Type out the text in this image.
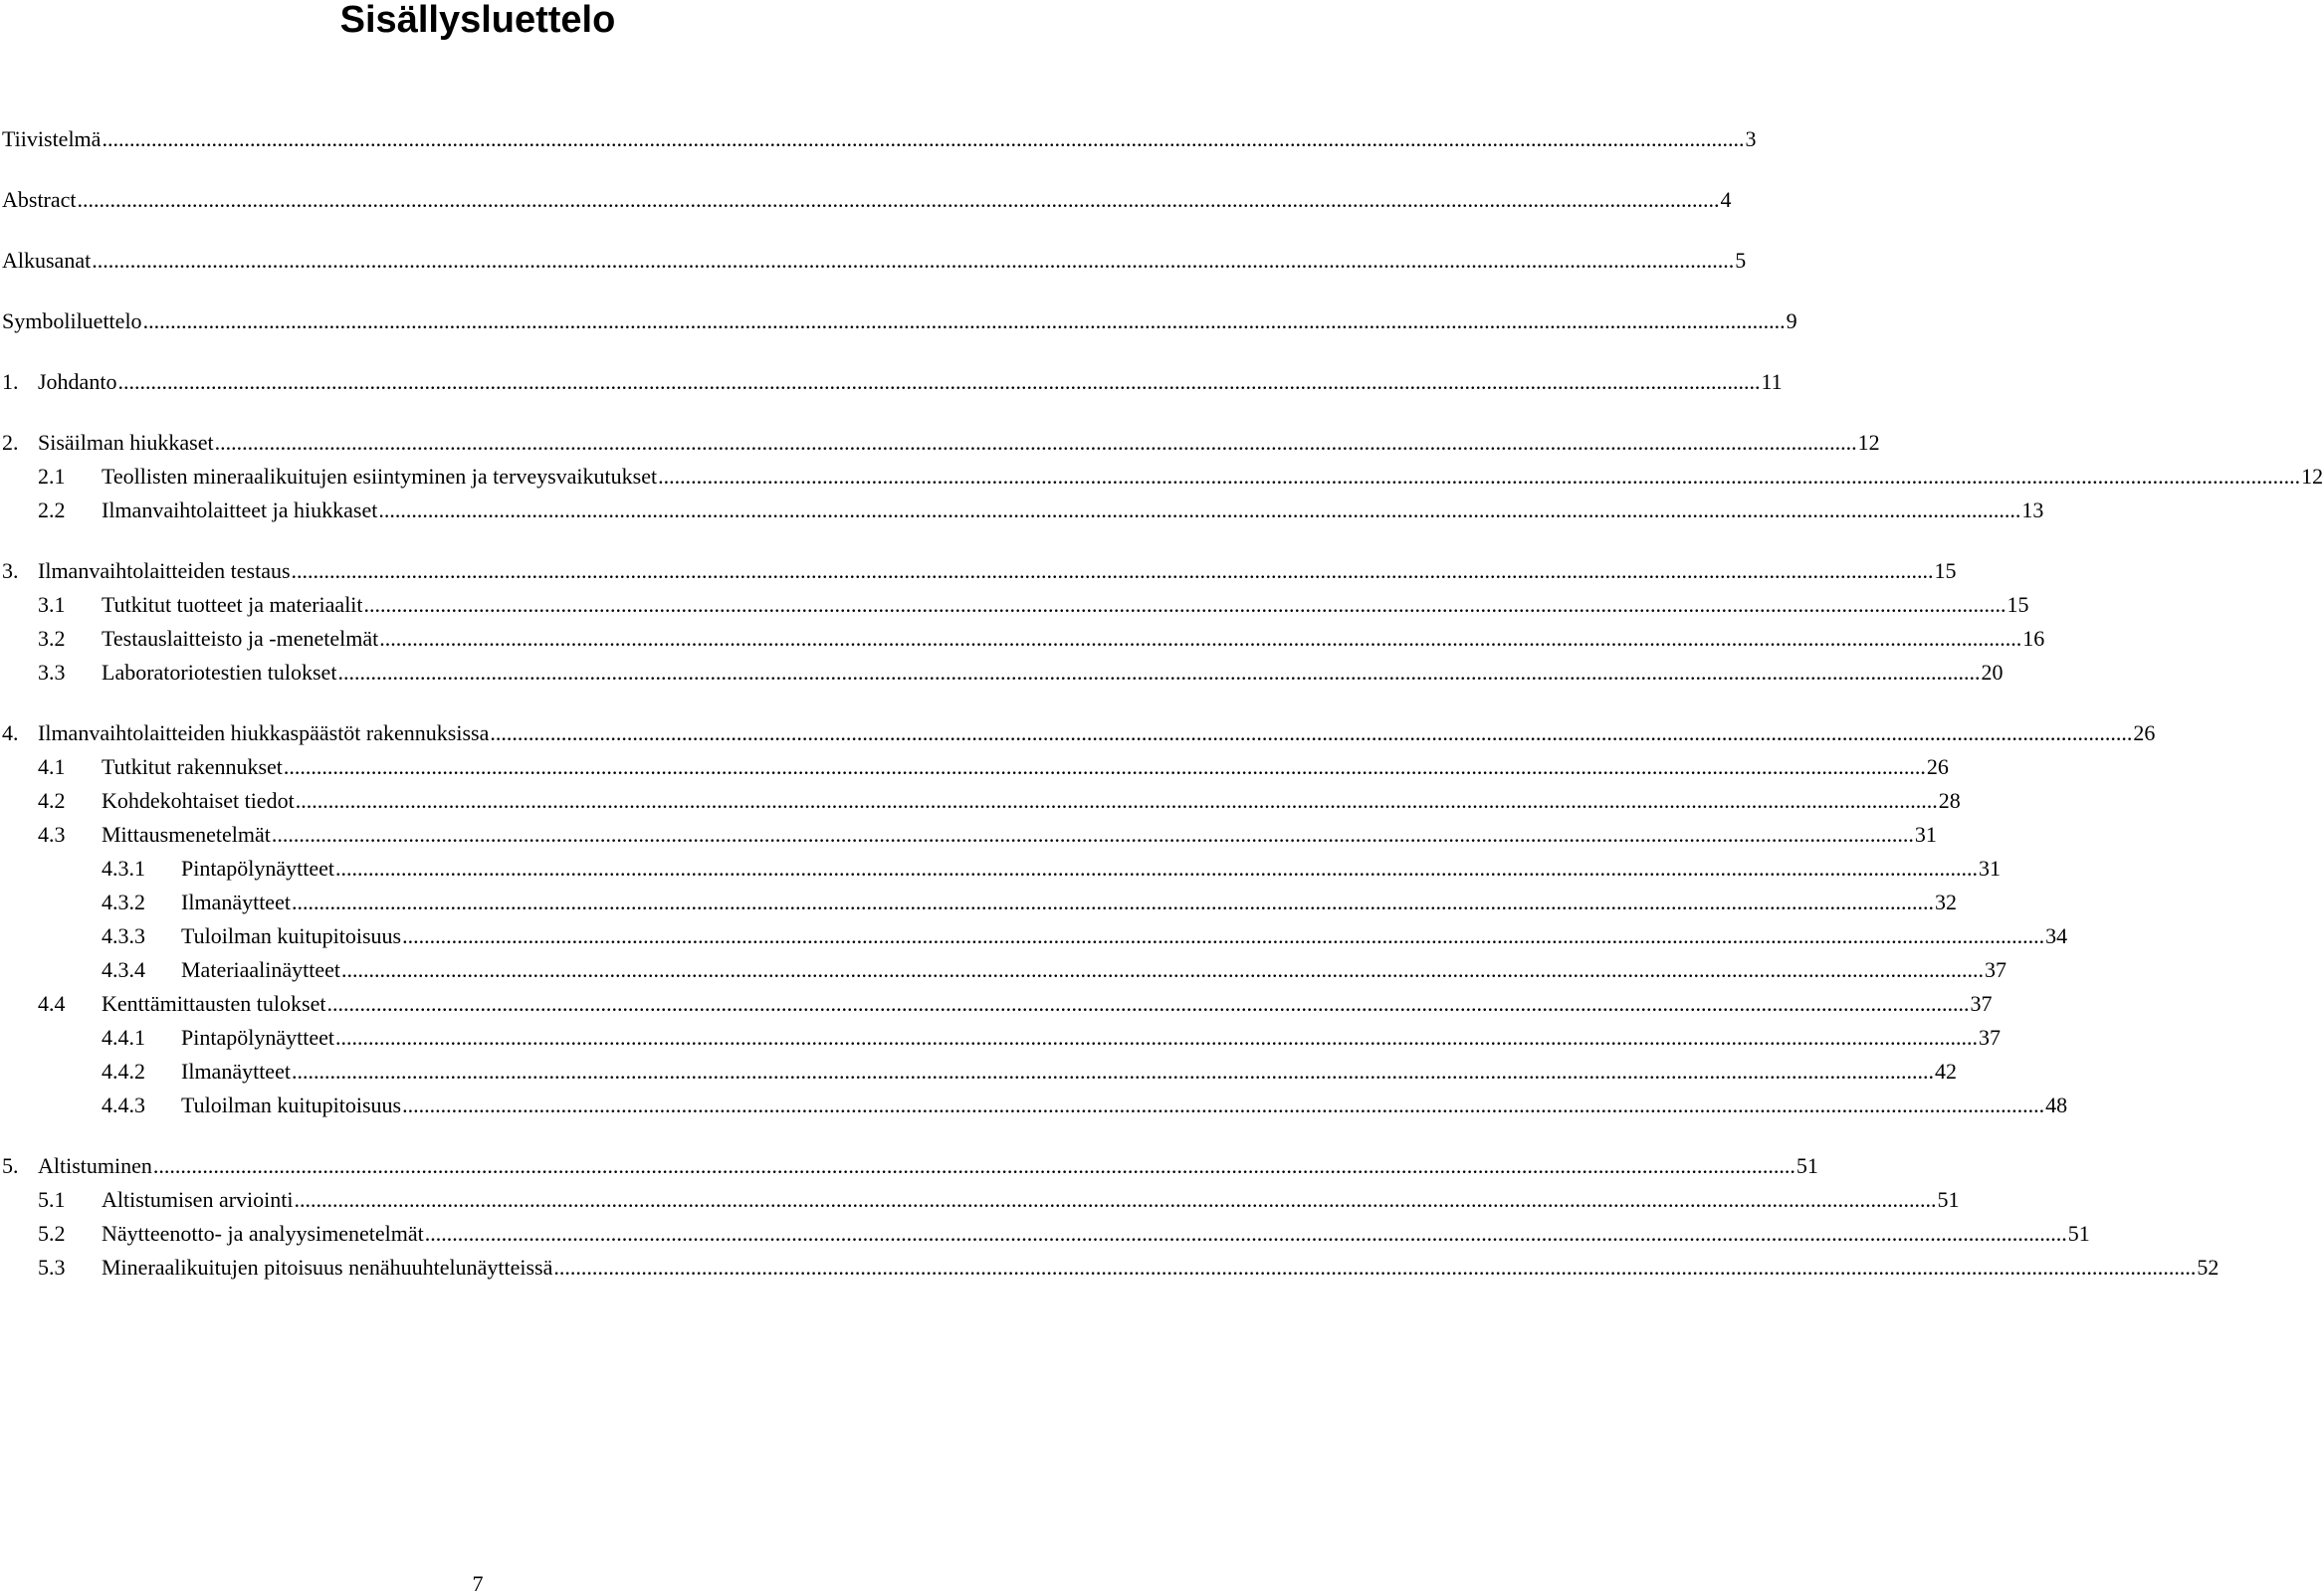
Sisällysluettelo
Tiivistelmä ............................................................................................................................................................................................................................................................................................................ 3
Abstract ............................................................................................................................................................................................................................................................................................................ 4
Alkusanat ............................................................................................................................................................................................................................................................................................................ 5
Symboliluettelo ............................................................................................................................................................................................................................................................................................................ 9
1. Johdanto ............................................................................................................................................................................................................................................................................................................ 11
2. Sisäilman hiukkaset ............................................................................................................................................................................................................................................................................................................ 12
2.1	Teollisten mineraalikuitujen esiintyminen ja terveysvaikutukset ............................................................................................................................................................................................................................................................................................................ 12
2.2	Ilmanvaihtolaitteet ja hiukkaset ............................................................................................................................................................................................................................................................................................................ 13
3. Ilmanvaihtolaitteiden testaus ............................................................................................................................................................................................................................................................................................................ 15
3.1	Tutkitut tuotteet ja materiaalit ............................................................................................................................................................................................................................................................................................................ 15
3.2	Testauslaitteisto ja -menetelmät ............................................................................................................................................................................................................................................................................................................ 16
3.3	Laboratoriotestien tulokset ............................................................................................................................................................................................................................................................................................................ 20
4. Ilmanvaihtolaitteiden hiukkaspäästöt rakennuksissa ............................................................................................................................................................................................................................................................................................................ 26
4.1	Tutkitut rakennukset ............................................................................................................................................................................................................................................................................................................ 26
4.2	Kohdekohtaiset tiedot ............................................................................................................................................................................................................................................................................................................ 28
4.3	Mittausmenetelmät ............................................................................................................................................................................................................................................................................................................ 31
4.3.1	Pintapölynäytteet ............................................................................................................................................................................................................................................................................................................ 31
4.3.2	Ilmanäytteet ............................................................................................................................................................................................................................................................................................................ 32
4.3.3	Tuloilman kuitupitoisuus ............................................................................................................................................................................................................................................................................................................ 34
4.3.4	Materiaalinäytteet ............................................................................................................................................................................................................................................................................................................ 37
4.4	Kenttämittausten tulokset ............................................................................................................................................................................................................................................................................................................ 37
4.4.1	Pintapölynäytteet ............................................................................................................................................................................................................................................................................................................ 37
4.4.2	Ilmanäytteet ............................................................................................................................................................................................................................................................................................................ 42
4.4.3	Tuloilman kuitupitoisuus ............................................................................................................................................................................................................................................................................................................ 48
5. Altistuminen ............................................................................................................................................................................................................................................................................................................ 51
5.1	Altistumisen arviointi ............................................................................................................................................................................................................................................................................................................ 51
5.2	Näytteenotto- ja analyysimenetelmät ............................................................................................................................................................................................................................................................................................................ 51
5.3	Mineraalikuitujen pitoisuus nenähuuhtelunäytteissä ............................................................................................................................................................................................................................................................................................................ 52
7
